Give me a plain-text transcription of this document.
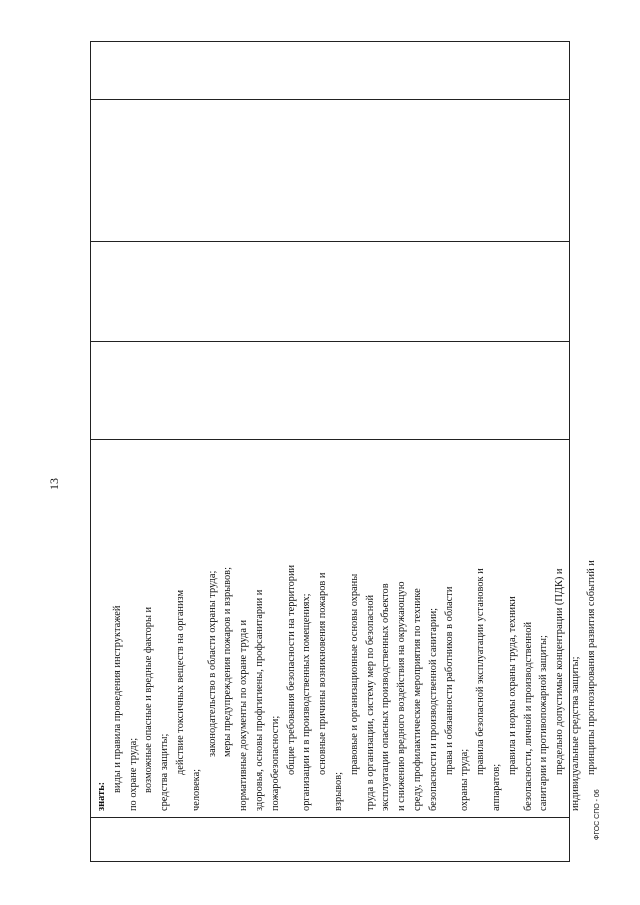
13

знать:
виды и правила проведения инструктажей по охране труда; возможные опасные и вредные факторы и средства защиты; действие токсичных веществ на организм
человека;
законодательство в области охраны труда; меры предупреждения пожаров и взрывов; нормативные документы по охране труда и здоровья, основы профгигиены, профсанитарии и пожаробезопасности; общие требования безопасности на территории организации и в производственных помещениях; основные причины возникновения пожаров и
взрывов;
правовые и организационные основы охраны труда в организации, систему мер по безопасной эксплуатации опасных производственных объектов и снижению вредного воздействия на окружающую среду, профилактические мероприятия по технике безопасности и производственной санитарии; права и обязанности работников в области
охраны труда;
правила безопасной эксплуатации установок и
аппаратов;
правила и нормы охраны труда, техники безопасности, личной и производственной санитарии и противопожарной защиты; предельно допустимые концентрации (ПДК) и индивидуальные средства защиты; принципы прогнозирования развития событий и

ФГОС СПО - 06
